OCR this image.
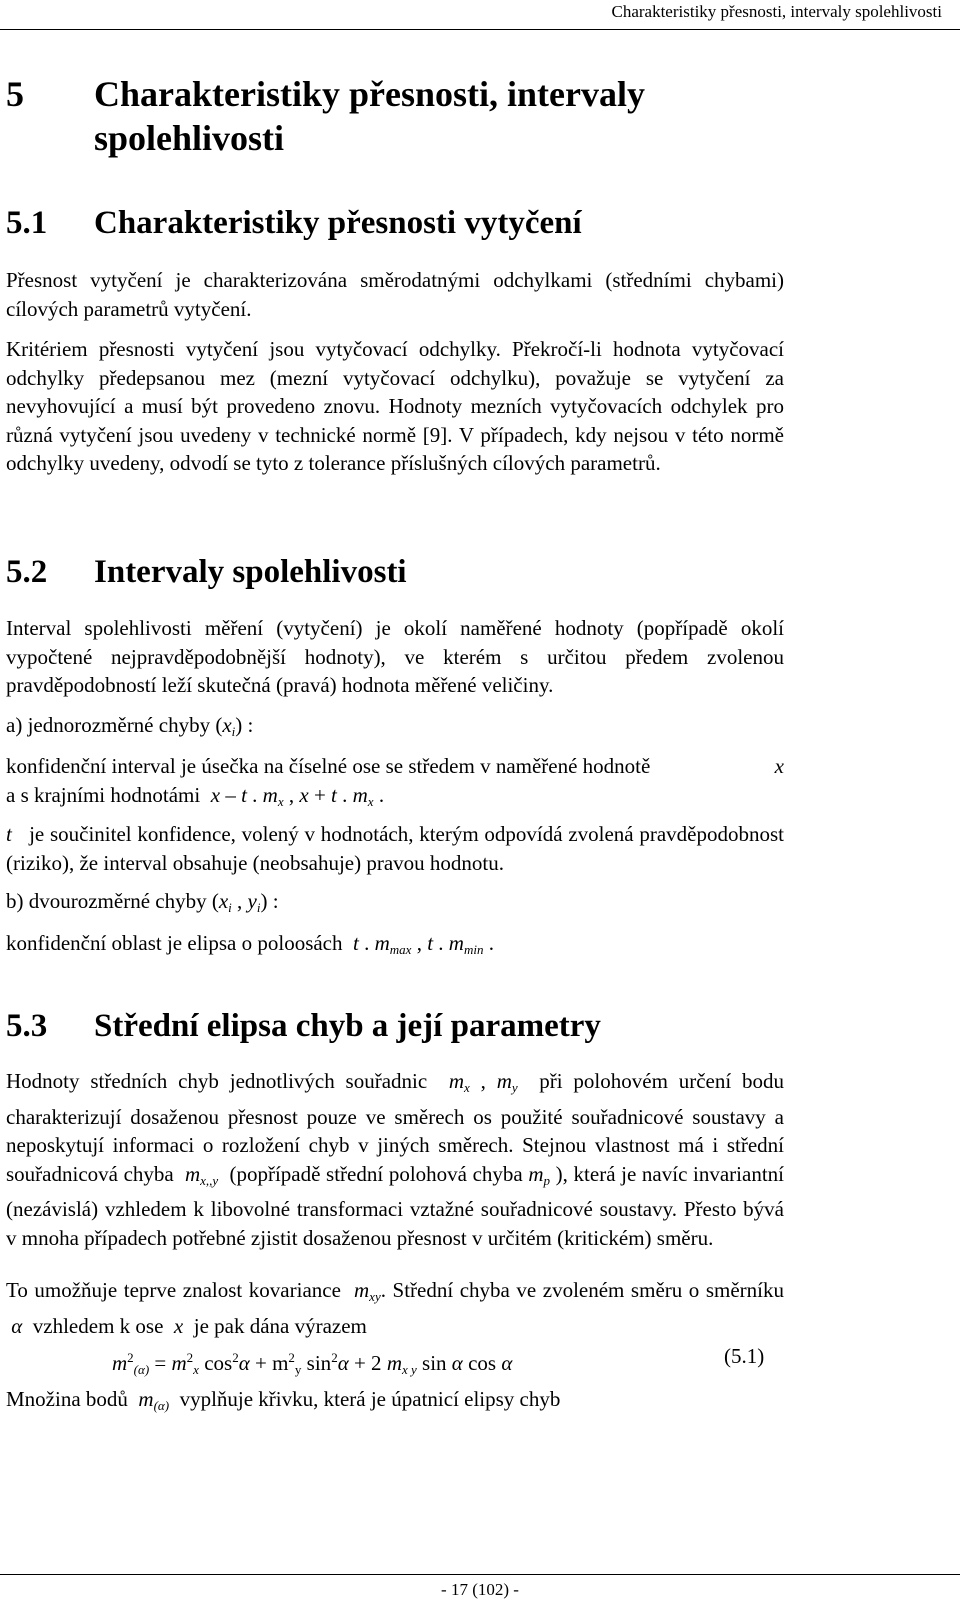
Charakteristiky přesnosti, intervaly spolehlivosti
5 Charakteristiky přesnosti, intervaly spolehlivosti
5.1 Charakteristiky přesnosti vytyčení

Přesnost vytyčení je charakterizována směrodatnými odchylkami (středními chybami) cílových parametrů vytyčení.

Kritériem přesnosti vytyčení jsou vytyčovací odchylky. Překročí-li hodnota vytyčovací odchylky předepsanou mez (mezní vytyčovací odchylku), považuje se vytyčení za nevyhovující a musí být provedeno znovu. Hodnoty mezních vytyčovacích odchylek pro různá vytyčení jsou uvedeny v technické normě [9]. V případech, kdy nejsou v této normě odchylky uvedeny, odvodí se tyto z tolerance příslušných cílových parametrů.

5.2 Intervaly spolehlivosti

Interval spolehlivosti měření (vytyčení) je okolí naměřené hodnoty (popřípadě okolí vypočtené nejpravděpodobnější hodnoty), ve kterém s určitou předem zvolenou pravděpodobností leží skutečná (pravá) hodnota měřené veličiny.

a) jednorozměrné chyby $(x_i)$ :

konfidenční interval je úsečka na číselné ose se středem v naměřené hodnotě	x

a s krajními hodnotámi  x – t . $m_x$ , x + t . $m_x$ .

t   je součinitel konfidence, volený v hodnotách, kterým odpovídá zvolená pravděpodobnost (riziko), že interval obsahuje (neobsahuje) pravou hodnotu.

b) dvourozměrné chyby ($x_i$ , $y_i$) :

konfidenční oblast je elipsa o poloosách  t . $m_{max}$ , t . $m_{min}$ .

5.3 Střední elipsa chyb a její parametry

Hodnoty středních chyb jednotlivých souřadnic  $m_x$ , $m_y$  při polohovém určení bodu charakterizují dosaženou přesnost pouze ve směrech os použité souřadnicové soustavy a neposkytují informaci o rozložení chyb v jiných směrech. Stejnou vlastnost má i střední souřadnicová chyba  $m_{x,,y}$  (popřípadě střední polohová chyba $m_p$ ), která je navíc invariantní (nezávislá) vzhledem k libovolné transformaci vztažné souřadnicové soustavy. Přesto bývá v mnoha případech potřebné zjistit dosaženou přesnost v určitém (kritickém) směru.

To umožňuje teprve znalost kovariance  $m_{xy}$. Střední chyba ve zvoleném směru o směrníku  α  vzhledem k ose  x  je pak dána výrazem

$m^2_{(\alpha)} = m^2_x$ $\cos^2\alpha + m^2_y$ $\sin^2\alpha + 2$ $m_{x y}$ sin α cos α	(5.1)

Množina bodů  $m_{(\alpha)}$  vyplňuje křivku, která je úpatnicí elipsy chyb

- 17 (102) -
